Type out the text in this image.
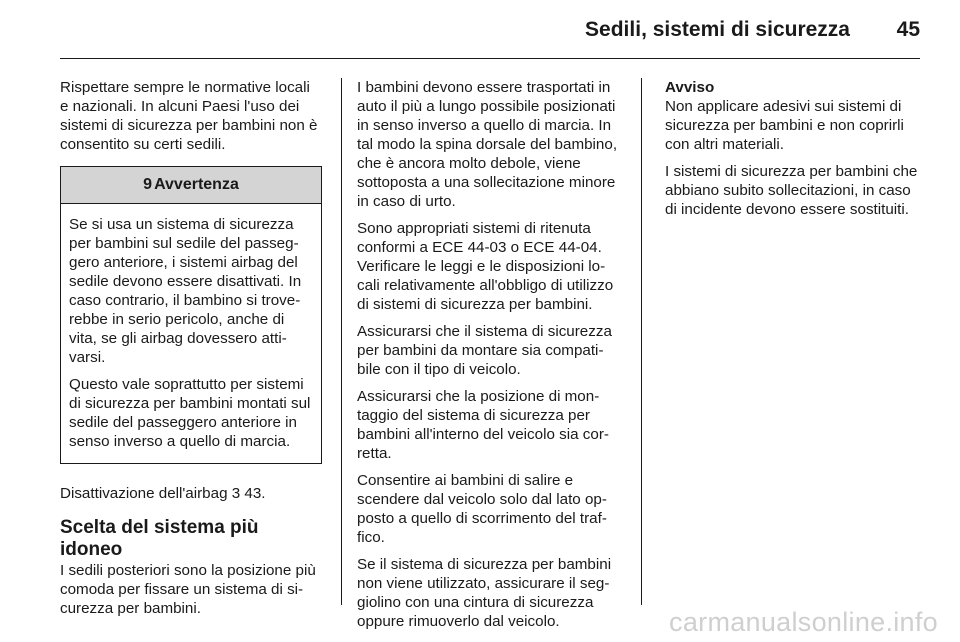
Sedili, sistemi di sicurezza 45

Rispettare sempre le normative locali e nazionali. In alcuni Paesi l'uso dei sistemi di sicurezza per bambini non è consentito su certi sedili.

9 Avvertenza

Se si usa un sistema di sicurezza per bambini sul sedile del passeggero anteriore, i sistemi airbag del sedile devono essere disattivati. In caso contrario, il bambino si troverebbe in serio pericolo, anche di vita, se gli airbag dovessero attivarsi.

Questo vale soprattutto per sistemi di sicurezza per bambini montati sul sedile del passeggero anteriore in senso inverso a quello di marcia.

Disattivazione dell'airbag 3 43.

Scelta del sistema più idoneo

I sedili posteriori sono la posizione più comoda per fissare un sistema di sicurezza per bambini.

I bambini devono essere trasportati in auto il più a lungo possibile posizionati in senso inverso a quello di marcia. In tal modo la spina dorsale del bambino, che è ancora molto debole, viene sottoposta a una sollecitazione minore in caso di urto.

Sono appropriati sistemi di ritenuta conformi a ECE 44-03 o ECE 44-04. Verificare le leggi e le disposizioni locali relativamente all'obbligo di utilizzo di sistemi di sicurezza per bambini.

Assicurarsi che il sistema di sicurezza per bambini da montare sia compatibile con il tipo di veicolo.

Assicurarsi che la posizione di montaggio del sistema di sicurezza per bambini all'interno del veicolo sia corretta.

Consentire ai bambini di salire e scendere dal veicolo solo dal lato opposto a quello di scorrimento del traffico.

Se il sistema di sicurezza per bambini non viene utilizzato, assicurare il seggiolino con una cintura di sicurezza oppure rimuoverlo dal veicolo.

Avviso

Non applicare adesivi sui sistemi di sicurezza per bambini e non coprirli con altri materiali.

I sistemi di sicurezza per bambini che abbiano subito sollecitazioni, in caso di incidente devono essere sostituiti.

carmanualsonline.info
